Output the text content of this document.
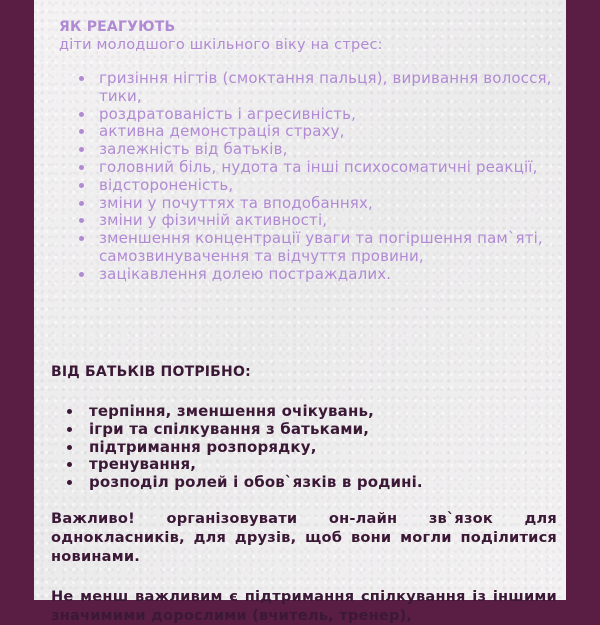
ЯК РЕАГУЮТЬ

діти молодшого шкільного віку на стрес:

• гризіння нігтів (смоктання пальця), виривання волосся, тики,
• роздратованість і агресивність,
• активна демонстрація страху,
• залежність від батьків,
• головний біль, нудота та інші психосоматичні реакції,
• відстороненість,
• зміни у почуттях та вподобаннях,
• зміни у фізичній активності,
• зменшення концентрації уваги та погіршення пам`яті, самозвинувачення та відчуття провини,
• зацікавлення долею постраждалих.

ВІД БАТЬКІВ ПОТРІБНО:

• терпіння, зменшення очікувань,
• ігри та спілкування з батьками,
• підтримання розпорядку,
• тренування,
• розподіл ролей і обов`язків в родині.

Важливо! організовувати он-лайн зв`язок для однокласників, для друзів, щоб вони могли поділитися новинами.

Не менш важливим є підтримання спілкування із іншими значимими дорослими (вчитель, тренер),
